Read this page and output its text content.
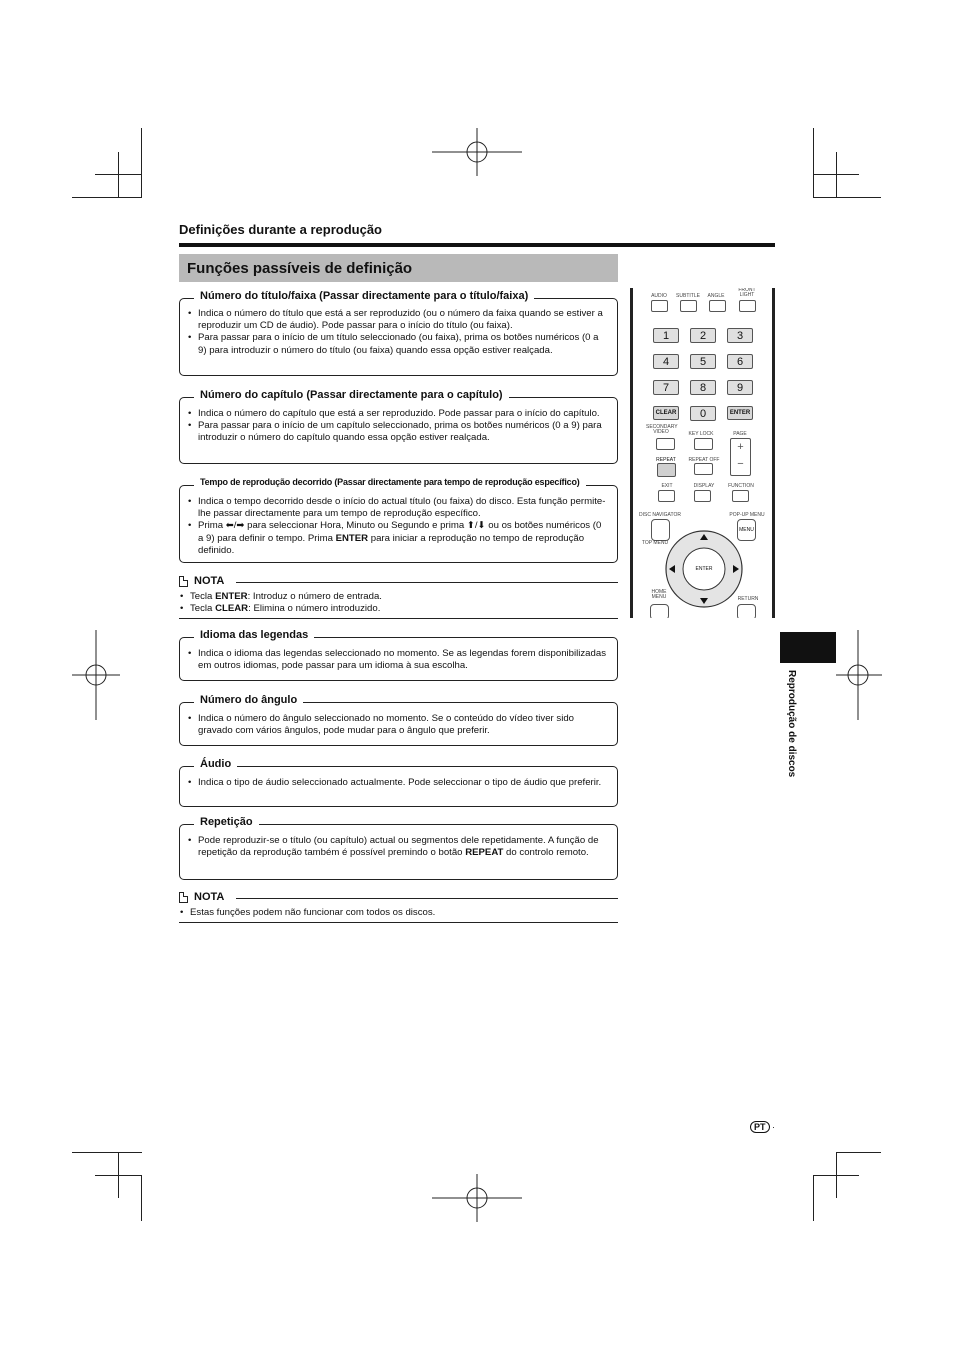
Definições durante a reprodução
Funções passíveis de definição
Número do título/faixa (Passar directamente para o título/faixa)
• Indica o número do título que está a ser reproduzido (ou o número da faixa quando se estiver a reproduzir um CD de áudio). Pode passar para o início do título (ou faixa).
• Para passar para o início de um título seleccionado (ou faixa), prima os botões numéricos (0 a 9) para introduzir o número do título (ou faixa) quando essa opção estiver realçada.
Número do capítulo (Passar directamente para o capítulo)
• Indica o número do capítulo que está a ser reproduzido. Pode passar para o início do capítulo.
• Para passar para o início de um capítulo seleccionado, prima os botões numéricos (0 a 9) para introduzir o número do capítulo quando essa opção estiver realçada.
Tempo de reprodução decorrido (Passar directamente para tempo de reprodução específico)
• Indica o tempo decorrido desde o início do actual título (ou faixa) do disco. Esta função permite-lhe passar directamente para um tempo de reprodução específico.
• Prima ⬅/➡ para seleccionar Hora, Minuto ou Segundo e prima ⬆/⬇ ou os botões numéricos (0 a 9) para definir o tempo. Prima ENTER para iniciar a reprodução no tempo de reprodução definido.
NOTA
• Tecla ENTER: Introduz o número de entrada.
• Tecla CLEAR: Elimina o número introduzido.
Idioma das legendas
• Indica o idioma das legendas seleccionado no momento. Se as legendas forem disponibilizadas em outros idiomas, pode passar para um idioma à sua escolha.
Número do ângulo
• Indica o número do ângulo seleccionado no momento. Se o conteúdo do vídeo tiver sido gravado com vários ângulos, pode mudar para o ângulo que preferir.
Áudio
• Indica o tipo de áudio seleccionado actualmente. Pode seleccionar o tipo de áudio que preferir.
Repetição
• Pode reproduzir-se o título (ou capítulo) actual ou segmentos dele repetidamente. A função de repetição da reprodução também é possível premindo o botão REPEAT do controlo remoto.
NOTA
• Estas funções podem não funcionar com todos os discos.
AUDIO	SUBTITLE	ANGLE
FRONT LIGHT
1	2	3
4	5	6
7	8	9
CLEAR	0	ENTER
SECONDARY VIDEO	KEY LOCK	PAGE
+
−
REPEAT	REPEAT OFF
EXIT	DISPLAY	FUNCTION
DISC NAVIGATOR	POP-UP MENU
MENU
TOP MENU
ENTER
HOME MENU	RETURN
Reprodução de discos
PT ·
